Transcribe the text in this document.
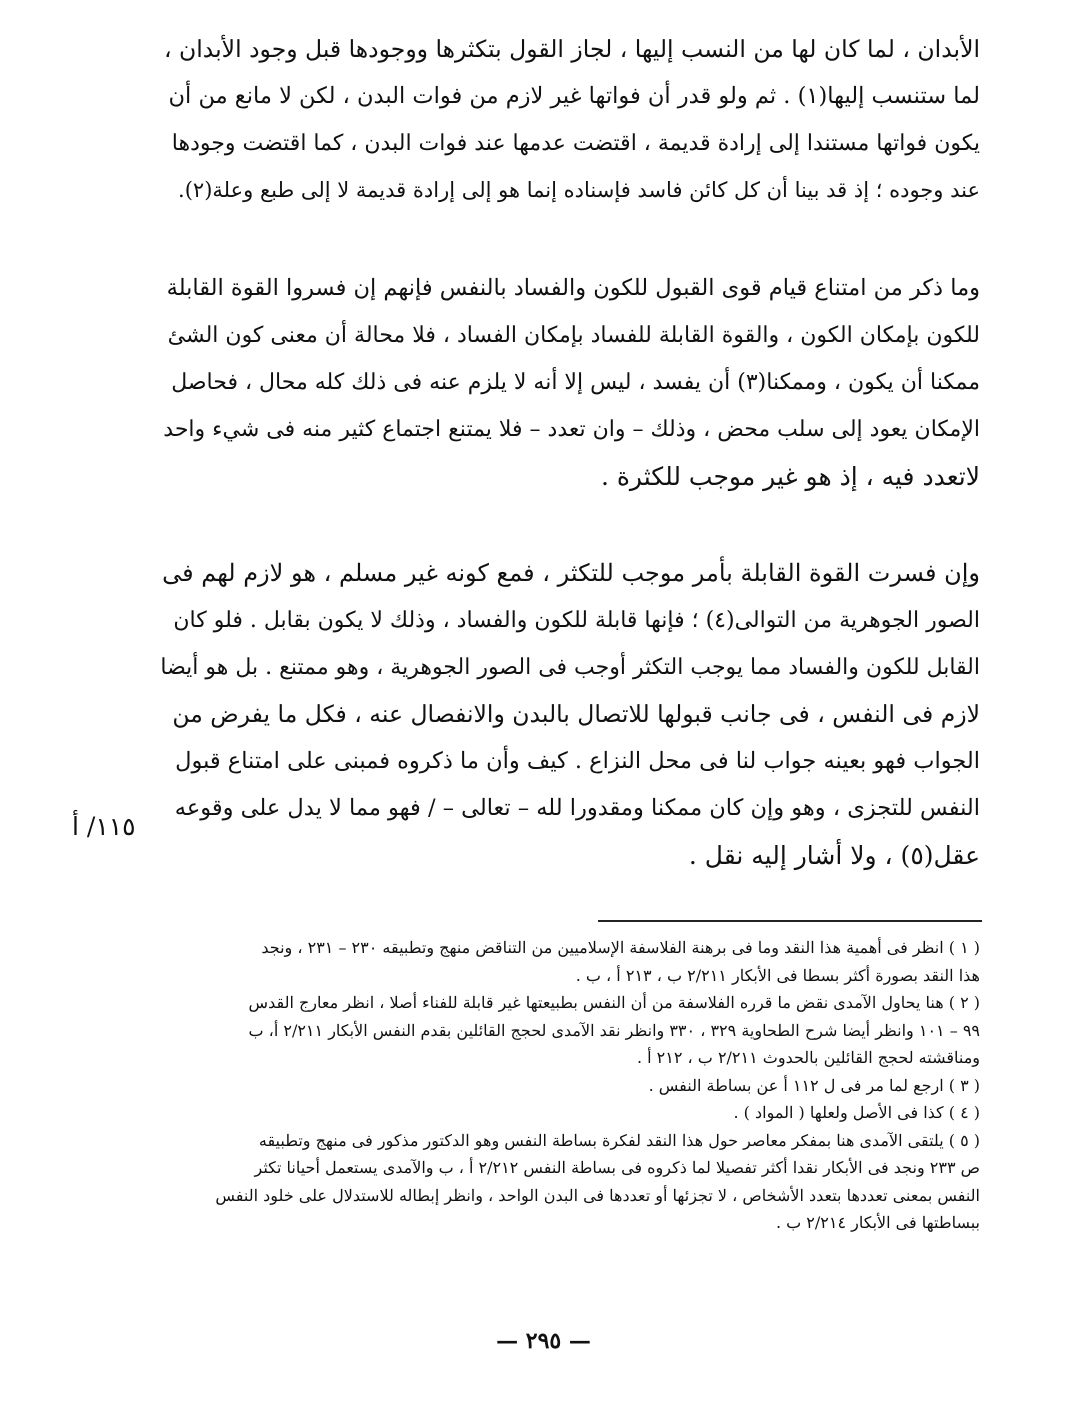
الأبدان ، لما كان لها من النسب إليها ، لجاز القول بتكثرها ووجودها قبل وجود الأبدان ،
لما ستنسب إليها(١) . ثم ولو قدر أن فواتها غير لازم من فوات البدن ، لكن لا مانع من أن
يكون فواتها مستندا إلى إرادة قديمة ، اقتضت عدمها عند فوات البدن ، كما اقتضت وجودها
عند وجوده ؛ إذ قد بينا أن كل كائن فاسد فإسناده إنما هو إلى إرادة قديمة لا إلى طبع وعلة(٢).
وما ذكر من امتناع قيام قوى القبول للكون والفساد بالنفس فإنهم إن فسروا القوة القابلة
للكون بإمكان الكون ، والقوة القابلة للفساد بإمكان الفساد ، فلا محالة أن معنى كون الشئ
ممكنا أن يكون ، وممكنا(٣) أن يفسد ، ليس إلا أنه لا يلزم عنه فى ذلك كله محال ، فحاصل
الإمكان يعود إلى سلب محض ، وذلك – وان تعدد – فلا يمتنع اجتماع كثير منه فى شيء واحد
لاتعدد فيه ، إذ هو غير موجب للكثرة .
وإن فسرت القوة القابلة بأمر موجب للتكثر ، فمع كونه غير مسلم ، هو لازم لهم فى
الصور الجوهرية من التوالى(٤) ؛ فإنها قابلة للكون والفساد ، وذلك لا يكون بقابل . فلو كان
القابل للكون والفساد مما يوجب التكثر أوجب فى الصور الجوهرية ، وهو ممتنع . بل هو أيضا
لازم فى النفس ، فى جانب قبولها للاتصال بالبدن والانفصال عنه ، فكل ما يفرض من
الجواب فهو بعينه جواب لنا فى محل النزاع . كيف وأن ما ذكروه فمبنى على امتناع قبول
النفس للتجزى ، وهو وإن كان ممكنا ومقدورا لله – تعالى – / فهو مما لا يدل على وقوعه
عقل(٥) ، ولا أشار إليه نقل .
١١٥/ أ
( ١ ) انظر فى أهمية هذا النقد وما فى برهنة الفلاسفة الإسلاميين من التناقض منهج وتطبيقه ٢٣٠ – ٢٣١ ، ونجد
هذا النقد بصورة أكثر بسطا فى الأبكار ٢/٢١١ ب ، ٢١٣ أ ، ب .
( ٢ ) هنا يحاول الآمدى نقض ما قرره الفلاسفة من أن النفس بطبيعتها غير قابلة للفناء أصلا ، انظر معارج القدس
٩٩ – ١٠١ وانظر أيضا شرح الطحاوية ٣٢٩ ، ٣٣٠ وانظر نقد الآمدى لحجج القائلين بقدم النفس الأبكار ٢/٢١١ أ، ب
ومناقشته لحجج القائلين بالحدوث ٢/٢١١ ب ، ٢١٢ أ .
( ٣ ) ارجع لما مر فى ل ١١٢ أ عن بساطة النفس .
( ٤ ) كذا فى الأصل ولعلها ( المواد ) .
( ٥ ) يلتقى الآمدى هنا بمفكر معاصر حول هذا النقد لفكرة بساطة النفس وهو الدكتور مذكور فى منهج وتطبيقه
ص ٢٣٣ ونجد فى الأبكار نقدا أكثر تفصيلا لما ذكروه فى بساطة النفس ٢/٢١٢ أ ، ب والآمدى يستعمل أحيانا تكثر
النفس بمعنى تعددها بتعدد الأشخاص ، لا تجزئها أو تعددها فى البدن الواحد ، وانظر إبطاله للاستدلال على خلود النفس
ببساطتها فى الأبكار ٢/٢١٤ ب .
— ٢٩٥ —
